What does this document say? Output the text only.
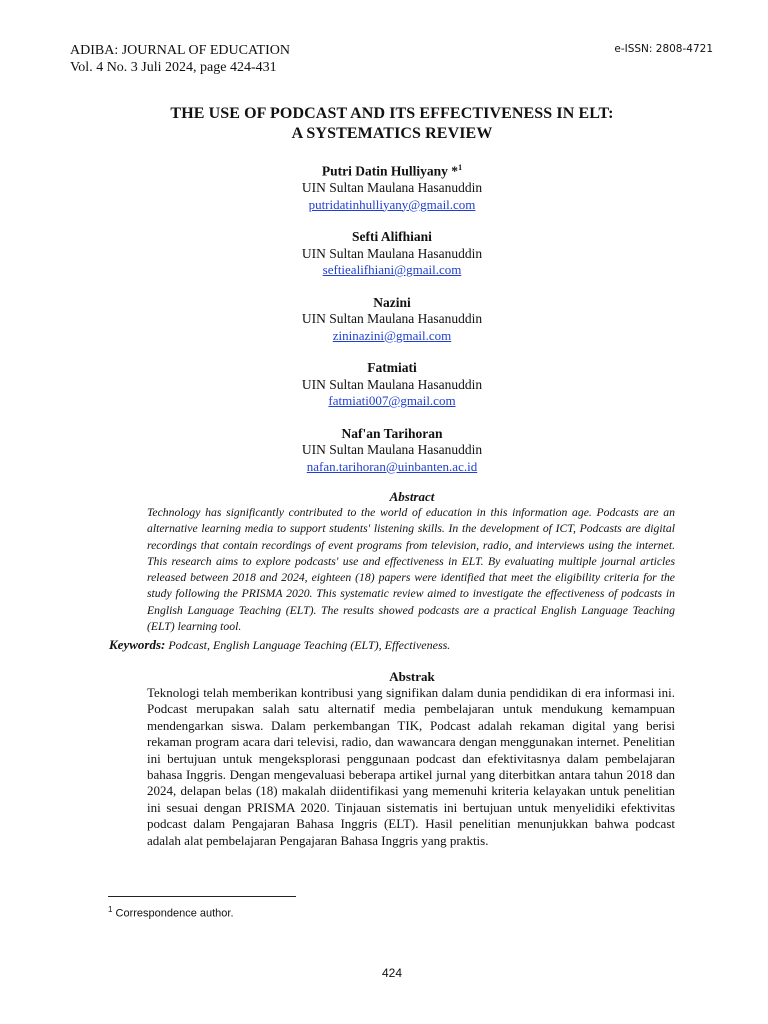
ADIBA: JOURNAL OF EDUCATION
Vol. 4 No. 3 Juli 2024, page 424-431
e-ISSN: 2808-4721
THE USE OF PODCAST AND ITS EFFECTIVENESS IN ELT:
A SYSTEMATICS REVIEW
Putri Datin Hulliyany *$^1$
UIN Sultan Maulana Hasanuddin
putridatinhulliyany@gmail.com
Sefti Alifhiani
UIN Sultan Maulana Hasanuddin
seftiealifhiani@gmail.com
Nazini
UIN Sultan Maulana Hasanuddin
zininazini@gmail.com
Fatmiati
UIN Sultan Maulana Hasanuddin
fatmiati007@gmail.com
Naf'an Tarihoran
UIN Sultan Maulana Hasanuddin
nafan.tarihoran@uinbanten.ac.id
Abstract
Technology has significantly contributed to the world of education in this information age. Podcasts are an alternative learning media to support students' listening skills. In the development of ICT, Podcasts are digital recordings that contain recordings of event programs from television, radio, and interviews using the internet. This research aims to explore podcasts' use and effectiveness in ELT. By evaluating multiple journal articles released between 2018 and 2024, eighteen (18) papers were identified that meet the eligibility criteria for the study following the PRISMA 2020. This systematic review aimed to investigate the effectiveness of podcasts in English Language Teaching (ELT). The results showed podcasts are a practical English Language Teaching (ELT) learning tool.
Keywords: Podcast, English Language Teaching (ELT), Effectiveness.
Abstrak
Teknologi telah memberikan kontribusi yang signifikan dalam dunia pendidikan di era informasi ini. Podcast merupakan salah satu alternatif media pembelajaran untuk mendukung kemampuan mendengarkan siswa. Dalam perkembangan TIK, Podcast adalah rekaman digital yang berisi rekaman program acara dari televisi, radio, dan wawancara dengan menggunakan internet. Penelitian ini bertujuan untuk mengeksplorasi penggunaan podcast dan efektivitasnya dalam pembelajaran bahasa Inggris. Dengan mengevaluasi beberapa artikel jurnal yang diterbitkan antara tahun 2018 dan 2024, delapan belas (18) makalah diidentifikasi yang memenuhi kriteria kelayakan untuk penelitian ini sesuai dengan PRISMA 2020. Tinjauan sistematis ini bertujuan untuk menyelidiki efektivitas podcast dalam Pengajaran Bahasa Inggris (ELT). Hasil penelitian menunjukkan bahwa podcast adalah alat pembelajaran Pengajaran Bahasa Inggris yang praktis.
$^1$ Correspondence author.
424
